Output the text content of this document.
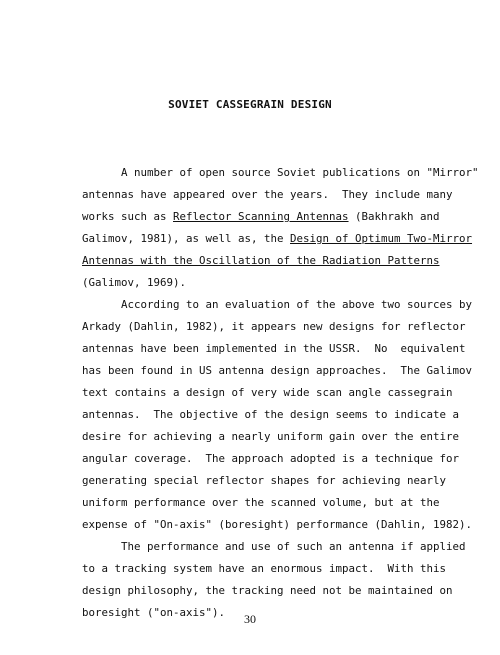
SOVIET CASSEGRAIN DESIGN
A number of open source Soviet publications on "Mirror"
antennas have appeared over the years.  They include many
works such as Reflector Scanning Antennas (Bakhrakh and
Galimov, 1981), as well as, the Design of Optimum Two-Mirror
Antennas with the Oscillation of the Radiation Patterns
(Galimov, 1969).
According to an evaluation of the above two sources by
Arkady (Dahlin, 1982), it appears new designs for reflector
antennas have been implemented in the USSR.  No  equivalent
has been found in US antenna design approaches.  The Galimov
text contains a design of very wide scan angle cassegrain
antennas.  The objective of the design seems to indicate a
desire for achieving a nearly uniform gain over the entire
angular coverage.  The approach adopted is a technique for
generating special reflector shapes for achieving nearly
uniform performance over the scanned volume, but at the
expense of "On-axis" (boresight) performance (Dahlin, 1982).
The performance and use of such an antenna if applied
to a tracking system have an enormous impact.  With this
design philosophy, the tracking need not be maintained on
boresight ("on-axis").	30
